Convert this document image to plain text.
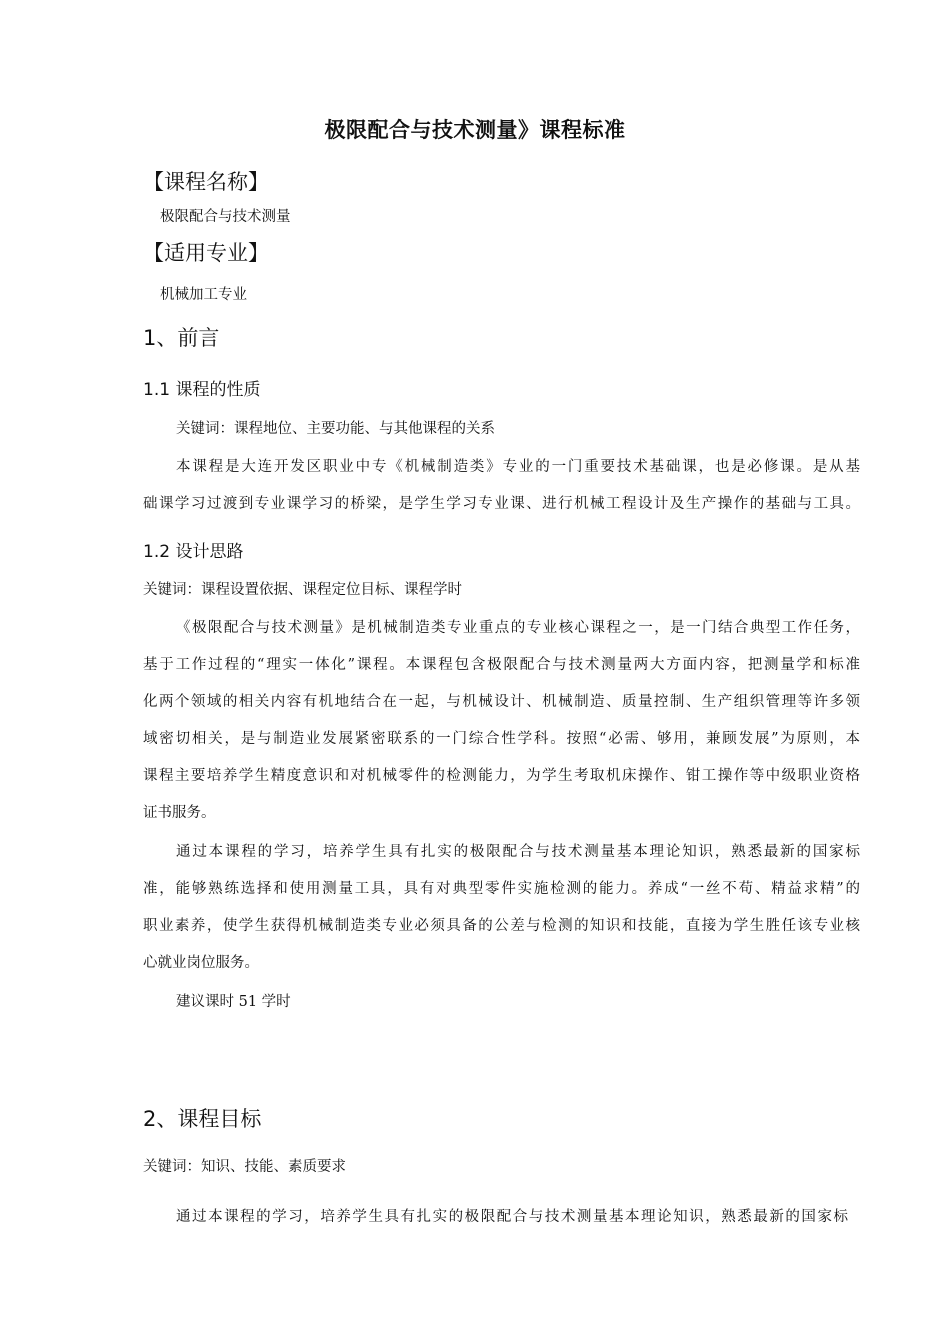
极限配合与技术测量》课程标准
【课程名称】
极限配合与技术测量
【适用专业】
机械加工专业
1、前言
1.1 课程的性质
关键词：课程地位、主要功能、与其他课程的关系
本课程是大连开发区职业中专《机械制造类》专业的一门重要技术基础课，也是必修课。是从基
础课学习过渡到专业课学习的桥梁，是学生学习专业课、进行机械工程设计及生产操作的基础与工具。
1.2 设计思路
关键词：课程设置依据、课程定位目标、课程学时
《极限配合与技术测量》是机械制造类专业重点的专业核心课程之一，是一门结合典型工作任务，
基于工作过程的“理实一体化”课程。本课程包含极限配合与技术测量两大方面内容，把测量学和标准
化两个领域的相关内容有机地结合在一起，与机械设计、机械制造、质量控制、生产组织管理等许多领
域密切相关，是与制造业发展紧密联系的一门综合性学科。按照“必需、够用，兼顾发展”为原则，本
课程主要培养学生精度意识和对机械零件的检测能力，为学生考取机床操作、钳工操作等中级职业资格
证书服务。
通过本课程的学习，培养学生具有扎实的极限配合与技术测量基本理论知识，熟悉最新的国家标
准，能够熟练选择和使用测量工具，具有对典型零件实施检测的能力。养成“一丝不苟、精益求精”的
职业素养，使学生获得机械制造类专业必须具备的公差与检测的知识和技能，直接为学生胜任该专业核
心就业岗位服务。
建议课时 51 学时
2、课程目标
关键词：知识、技能、素质要求
通过本课程的学习，培养学生具有扎实的极限配合与技术测量基本理论知识，熟悉最新的国家标
